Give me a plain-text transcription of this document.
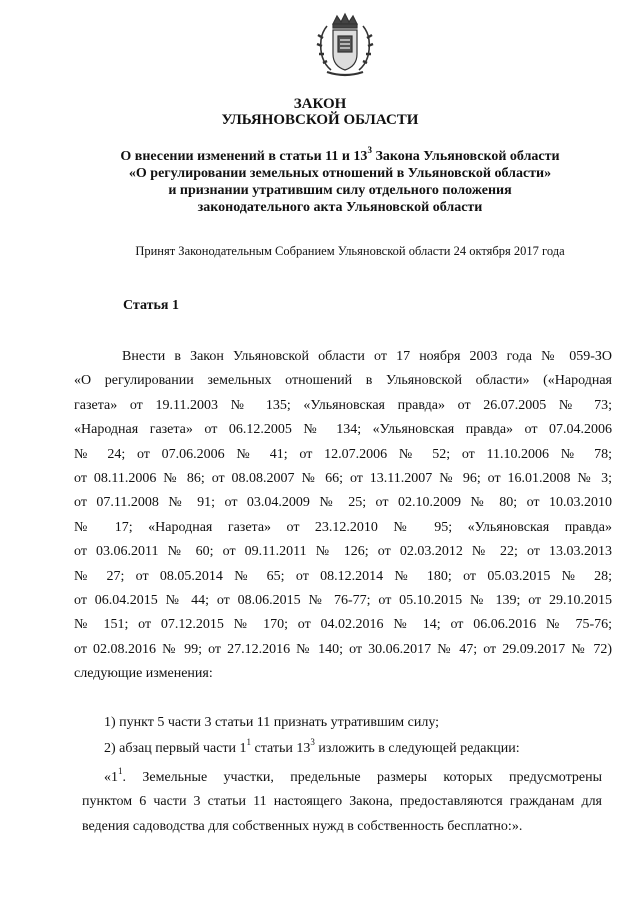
ЗАКОН
УЛЬЯНОВСКОЙ ОБЛАСТИ
О внесении изменений в статьи 11 и $13^3$ Закона Ульяновской области
«О регулировании земельных отношений в Ульяновской области»
и признании утратившим силу отдельного положения
законодательного акта Ульяновской области
Принят Законодательным Собранием Ульяновской области 24 октября 2017 года
Статья 1
Внести в Закон Ульяновской области от 17 ноября 2003 года № 059-ЗО
«О регулировании земельных отношений в Ульяновской области» («Народная
газета» от 19.11.2003 № 135; «Ульяновская правда» от 26.07.2005 № 73;
«Народная газета» от 06.12.2005 № 134; «Ульяновская правда» от 07.04.2006
№ 24; от 07.06.2006 № 41; от 12.07.2006 № 52; от 11.10.2006 № 78;
от 08.11.2006 № 86; от 08.08.2007 № 66; от 13.11.2007 № 96; от 16.01.2008 № 3;
от 07.11.2008 № 91; от 03.04.2009 № 25; от 02.10.2009 № 80; от 10.03.2010
№ 17; «Народная газета» от 23.12.2010 № 95; «Ульяновская правда»
от 03.06.2011 № 60; от 09.11.2011 № 126; от 02.03.2012 № 22; от 13.03.2013
№ 27; от 08.05.2014 № 65; от 08.12.2014 № 180; от 05.03.2015 № 28;
от 06.04.2015 № 44; от 08.06.2015 № 76-77; от 05.10.2015 № 139; от 29.10.2015
№ 151; от 07.12.2015 № 170; от 04.02.2016 № 14; от 06.06.2016 № 75-76;
от 02.08.2016 № 99; от 27.12.2016 № 140; от 30.06.2017 № 47; от 29.09.2017 № 72)
следующие изменения:
1) пункт 5 части 3 статьи 11 признать утратившим силу;
2) абзац первый части $1^1$ статьи $13^3$ изложить в следующей редакции:
«$1^1$. Земельные участки, предельные размеры которых предусмотрены
пунктом 6 части 3 статьи 11 настоящего Закона, предоставляются гражданам для
ведения садоводства для собственных нужд в собственность бесплатно:».
